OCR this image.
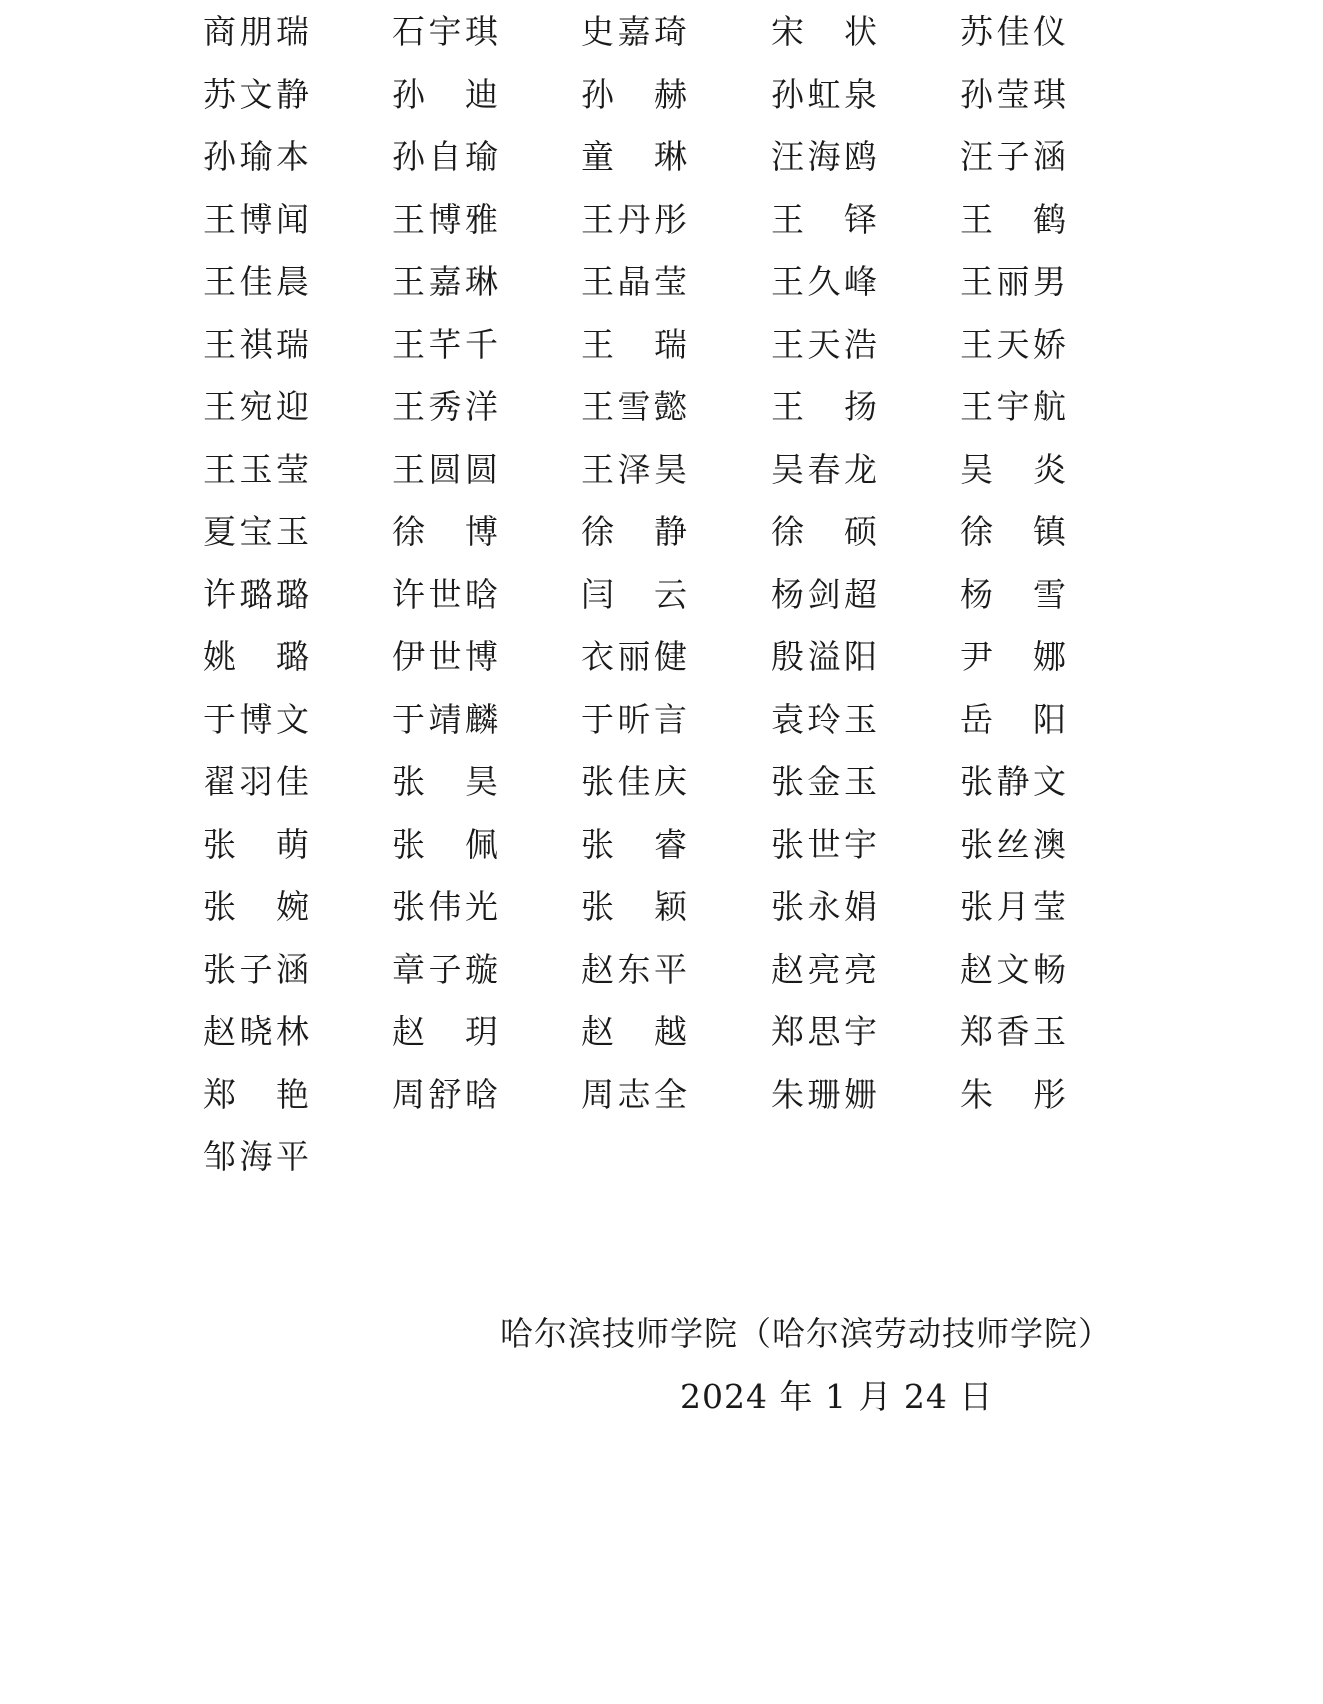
商 朋 瑞 石 宇 琪 史 嘉 琦 宋 状 苏 佳 仪
苏 文 静 孙 迪 孙 赫 孙 虹 泉 孙 莹 琪
孙 瑜 本 孙 自 瑜 童 琳 汪 海 鸥 汪 子 涵
王 博 闻 王 博 雅 王 丹 彤 王 铎 王 鹤
王 佳 晨 王 嘉 琳 王 晶 莹 王 久 峰 王 丽 男
王 祺 瑞 王 芊 千 王 瑞 王 天 浩 王 天 娇
王 宛 迎 王 秀 洋 王 雪 懿 王 扬 王 宇 航
王 玉 莹 王 圆 圆 王 泽 昊 吴 春 龙 吴 炎
夏 宝 玉 徐 博 徐 静 徐 硕 徐 镇
许 璐 璐 许 世 晗 闫 云 杨 剑 超 杨 雪
姚 璐 伊 世 博 衣 丽 健 殷 溢 阳 尹 娜
于 博 文 于 靖 麟 于 昕 言 袁 玲 玉 岳 阳
翟 羽 佳 张 昊 张 佳 庆 张 金 玉 张 静 文
张 萌 张 佩 张 睿 张 世 宇 张 丝 澳
张 婉 张 伟 光 张 颖 张 永 娟 张 月 莹
张 子 涵 章 子 璇 赵 东 平 赵 亮 亮 赵 文 畅
赵 晓 林 赵 玥 赵 越 郑 思 宇 郑 香 玉
郑 艳 周 舒 晗 周 志 全 朱 珊 姗 朱 彤
邹 海 平
哈尔滨技师学院（哈尔滨劳动技师学院）
2024 年 1 月 24 日
